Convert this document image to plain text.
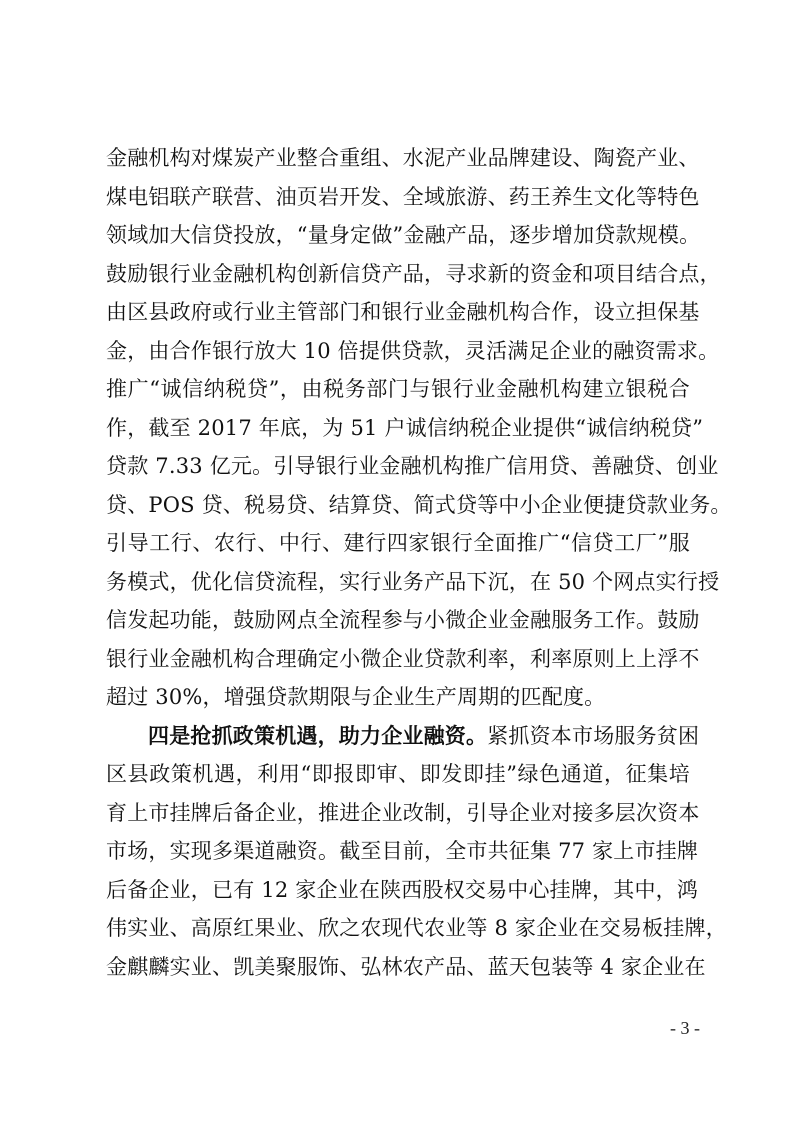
金融机构对煤炭产业整合重组、水泥产业品牌建设、陶瓷产业、
煤电铝联产联营、油页岩开发、全域旅游、药王养生文化等特色
领域加大信贷投放，“量身定做”金融产品，逐步增加贷款规模。
鼓励银行业金融机构创新信贷产品，寻求新的资金和项目结合点，
由区县政府或行业主管部门和银行业金融机构合作，设立担保基
金，由合作银行放大 10 倍提供贷款，灵活满足企业的融资需求。
推广“诚信纳税贷”，由税务部门与银行业金融机构建立银税合
作，截至 2017 年底，为 51 户诚信纳税企业提供“诚信纳税贷”
贷款 7.33 亿元。引导银行业金融机构推广信用贷、善融贷、创业
贷、POS 贷、税易贷、结算贷、简式贷等中小企业便捷贷款业务。
引导工行、农行、中行、建行四家银行全面推广“信贷工厂”服
务模式，优化信贷流程，实行业务产品下沉，在 50 个网点实行授
信发起功能，鼓励网点全流程参与小微企业金融服务工作。鼓励
银行业金融机构合理确定小微企业贷款利率，利率原则上上浮不
超过 30%，增强贷款期限与企业生产周期的匹配度。
四是抢抓政策机遇，助力企业融资。紧抓资本市场服务贫困
区县政策机遇，利用“即报即审、即发即挂”绿色通道，征集培
育上市挂牌后备企业，推进企业改制，引导企业对接多层次资本
市场，实现多渠道融资。截至目前，全市共征集 77 家上市挂牌
后备企业，已有 12 家企业在陕西股权交易中心挂牌，其中，鸿
伟实业、高原红果业、欣之农现代农业等 8 家企业在交易板挂牌，
金麒麟实业、凯美聚服饰、弘林农产品、蓝天包装等 4 家企业在
- 3 -
